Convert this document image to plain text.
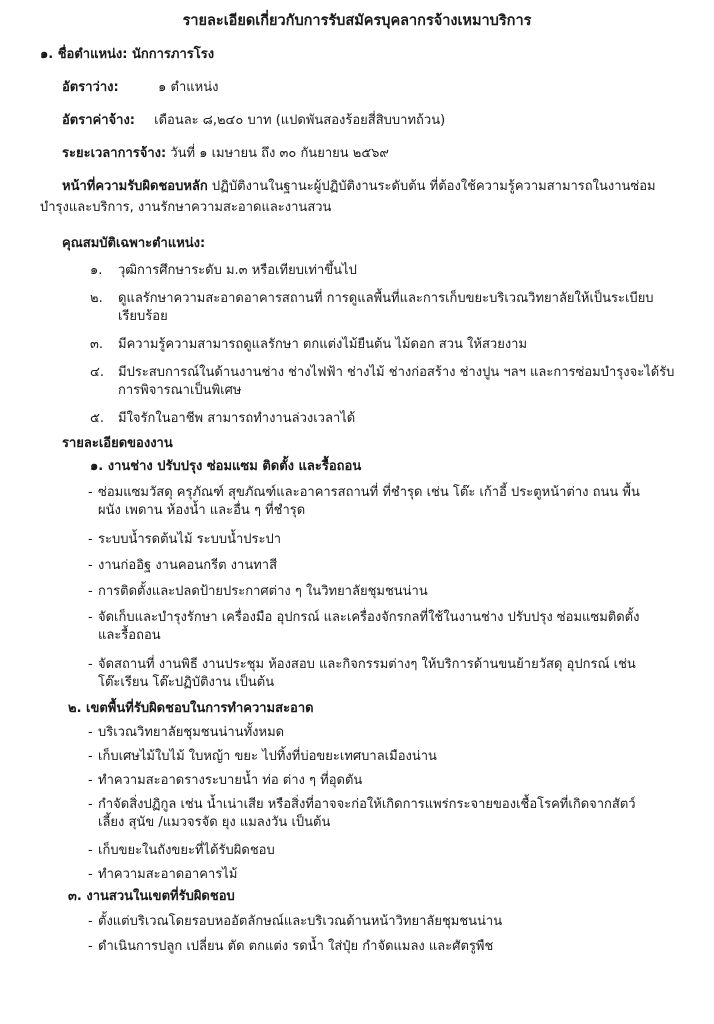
รายละเอียดเกี่ยวกับการรับสมัครบุคลากรจ้างเหมาบริการ

๑. ชื่อตำแหน่ง: นักการภารโรง

อัตราว่าง:	๑ ตำแหน่ง

อัตราค่าจ้าง: เดือนละ ๘,๒๔๐ บาท (แปดพันสองร้อยสี่สิบบาทถ้วน)

ระยะเวลาการจ้าง: วันที่ ๑ เมษายน ถึง ๓๐ กันยายน ๒๕๖๙

หน้าที่ความรับผิดชอบหลัก ปฏิบัติงานในฐานะผู้ปฏิบัติงานระดับต้น ที่ต้องใช้ความรู้ความสามารถในงานซ่อม

บำรุงและบริการ, งานรักษาความสะอาดและงานสวน

คุณสมบัติเฉพาะตำแหน่ง:

๑. วุฒิการศึกษาระดับ ม.๓ หรือเทียบเท่าขึ้นไป
๒. ดูแลรักษาความสะอาดอาคารสถานที่ การดูแลพื้นที่และการเก็บขยะบริเวณวิทยาลัยให้เป็นระเบียบ
เรียบร้อย
๓. มีความรู้ความสามารถดูแลรักษา ตกแต่งไม้ยืนต้น ไม้ดอก สวน ให้สวยงาม
๔. มีประสบการณ์ในด้านงานช่าง ช่างไฟฟ้า ช่างไม้ ช่างก่อสร้าง ช่างปูน ฯลฯ และการซ่อมบำรุงจะได้รับ
การพิจารณาเป็นพิเศษ
๕. มีใจรักในอาชีพ สามารถทำงานล่วงเวลาได้

รายละเอียดของงาน

๑. งานช่าง ปรับปรุง ซ่อมแซม ติดตั้ง และรื้อถอน

- ซ่อมแซมวัสดุ ครุภัณฑ์ สุขภัณฑ์และอาคารสถานที่ ที่ชำรุด เช่น โต๊ะ เก้าอี้ ประตูหน้าต่าง ถนน พื้น
ผนัง เพดาน ห้องน้ำ และอื่น ๆ ที่ชำรุด
- ระบบน้ำรดต้นไม้ ระบบน้ำประปา
- งานก่ออิฐ งานคอนกรีต งานทาสี
- การติดตั้งและปลดป้ายประกาศต่าง ๆ ในวิทยาลัยชุมชนน่าน
- จัดเก็บและบำรุงรักษา เครื่องมือ อุปกรณ์ และเครื่องจักรกลที่ใช้ในงานช่าง ปรับปรุง ซ่อมแซมติดตั้ง
และรื้อถอน
- จัดสถานที่ งานพิธี งานประชุม ห้องสอบ และกิจกรรมต่างๆ ให้บริการด้านขนย้ายวัสดุ อุปกรณ์ เช่น
โต๊ะเรียน โต๊ะปฏิบัติงาน เป็นต้น

๒. เขตพื้นที่รับผิดชอบในการทำความสะอาด

- บริเวณวิทยาลัยชุมชนน่านทั้งหมด
- เก็บเศษไม้ใบไม้ ใบหญ้า ขยะ ไปทิ้งที่บ่อขยะเทศบาลเมืองน่าน
- ทำความสะอาดรางระบายน้ำ ท่อ ต่าง ๆ ที่อุดตัน
- กำจัดสิ่งปฏิกูล เช่น น้ำเน่าเสีย หรือสิ่งที่อาจจะก่อให้เกิดการแพร่กระจายของเชื้อโรคที่เกิดจากสัตว์
เลี้ยง สุนัข /แมวจรจัด ยุง แมลงวัน เป็นต้น
- เก็บขยะในถังขยะที่ได้รับผิดชอบ
- ทำความสะอาดอาคารไม้

๓. งานสวนในเขตที่รับผิดชอบ

- ตั้งแต่บริเวณโดยรอบหออัตลักษณ์และบริเวณด้านหน้าวิทยาลัยชุมชนน่าน
- ดำเนินการปลูก เปลี่ยน ตัด ตกแต่ง รดน้ำ ใส่ปุ๋ย กำจัดแมลง และศัตรูพืช
